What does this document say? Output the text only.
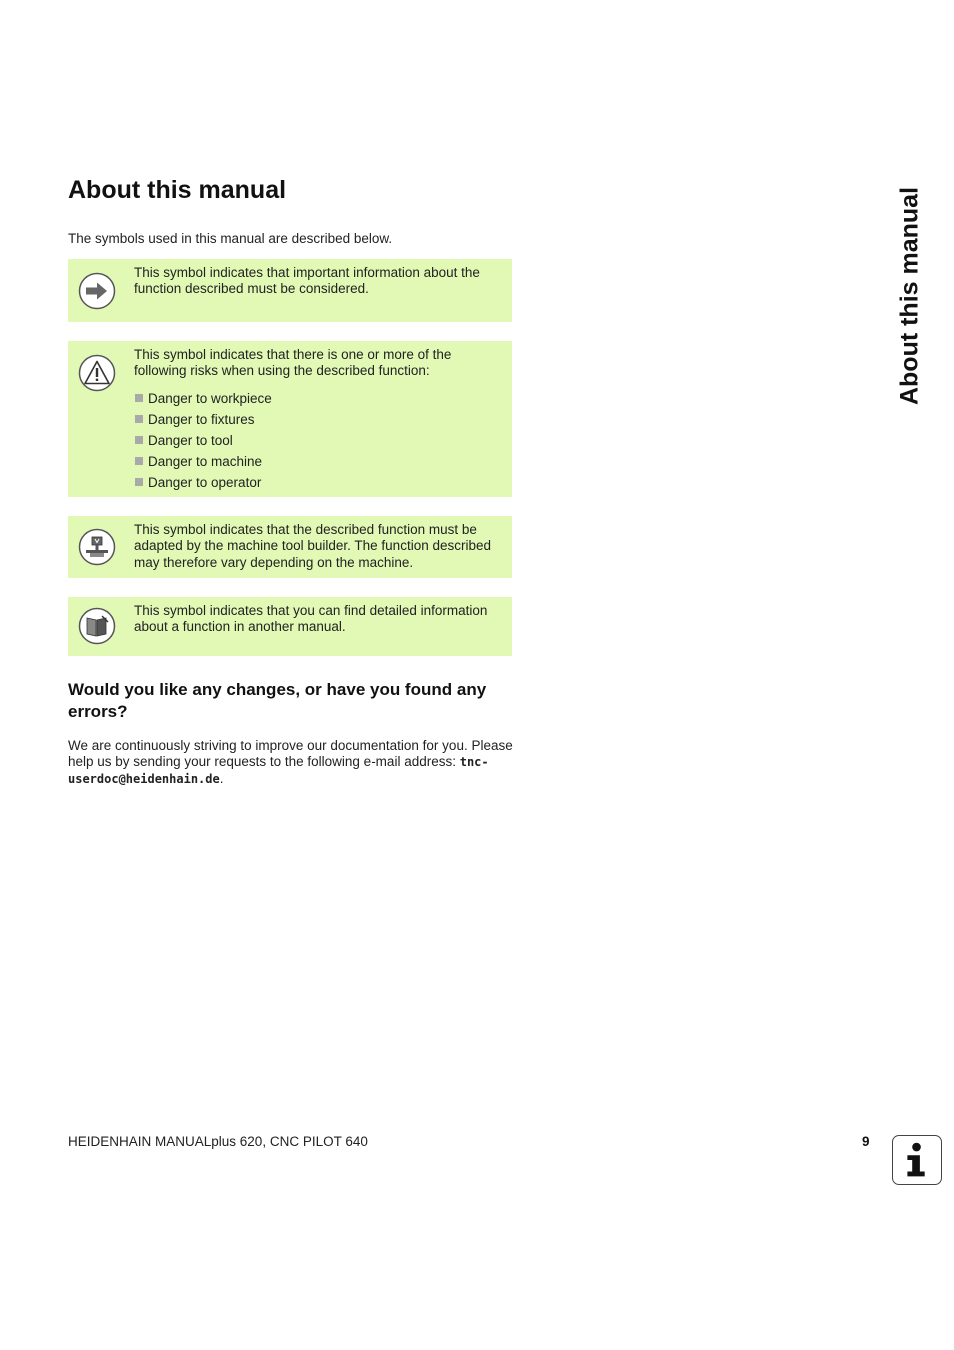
About this manual

The symbols used in this manual are described below.

This symbol indicates that important information about the function described must be considered.
This symbol indicates that there is one or more of the following risks when using the described function:
Danger to workpiece
Danger to fixtures
Danger to tool
Danger to machine
Danger to operator
This symbol indicates that the described function must be adapted by the machine tool builder. The function described may therefore vary depending on the machine.
This symbol indicates that you can find detailed information about a function in another manual.
Would you like any changes, or have you found any errors?

We are continuously striving to improve our documentation for you. Please help us by sending your requests to the following e-mail address: tnc-userdoc@heidenhain.de.

About this manual
HEIDENHAIN MANUALplus 620, CNC PILOT 640	9
